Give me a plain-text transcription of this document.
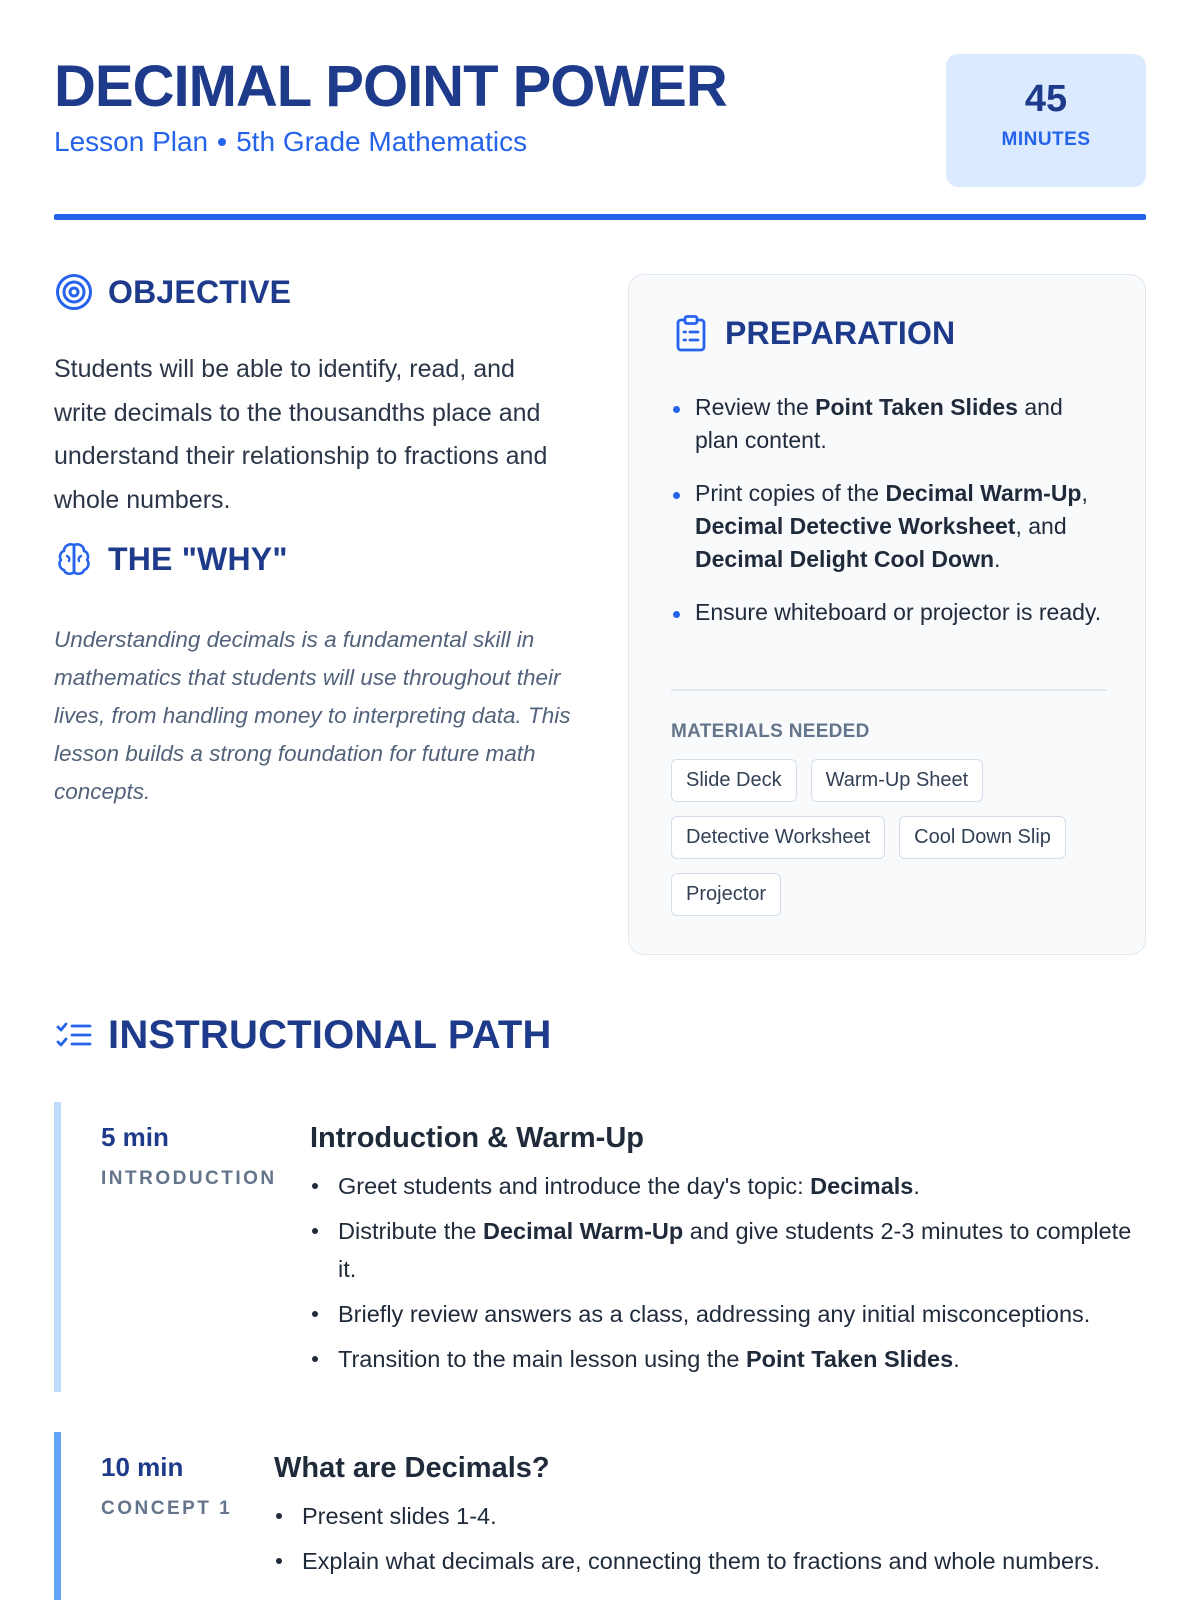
DECIMAL POINT POWER
Lesson Plan 5th Grade Mathematics
45
MINUTES
OBJECTIVE
Students will be able to identify, read, and write decimals to the thousandths place and understand their relationship to fractions and whole numbers.
THE "WHY"
Understanding decimals is a fundamental skill in mathematics that students will use throughout their lives, from handling money to interpreting data. This lesson builds a strong foundation for future math concepts.
PREPARATION
Review the Point Taken Slides and plan content.
Print copies of the Decimal Warm-Up, Decimal Detective Worksheet, and Decimal Delight Cool Down.
Ensure whiteboard or projector is ready.
MATERIALS NEEDED
Slide Deck	Warm-Up Sheet
Detective Worksheet	Cool Down Slip
Projector
INSTRUCTIONAL PATH
5 min
INTRODUCTION
Introduction & Warm-Up
Greet students and introduce the day's topic: Decimals.
Distribute the Decimal Warm-Up and give students 2-3 minutes to complete it.
Briefly review answers as a class, addressing any initial misconceptions.
Transition to the main lesson using the Point Taken Slides.
10 min
CONCEPT 1
What are Decimals?
Present slides 1-4.
Explain what decimals are, connecting them to fractions and whole numbers.
